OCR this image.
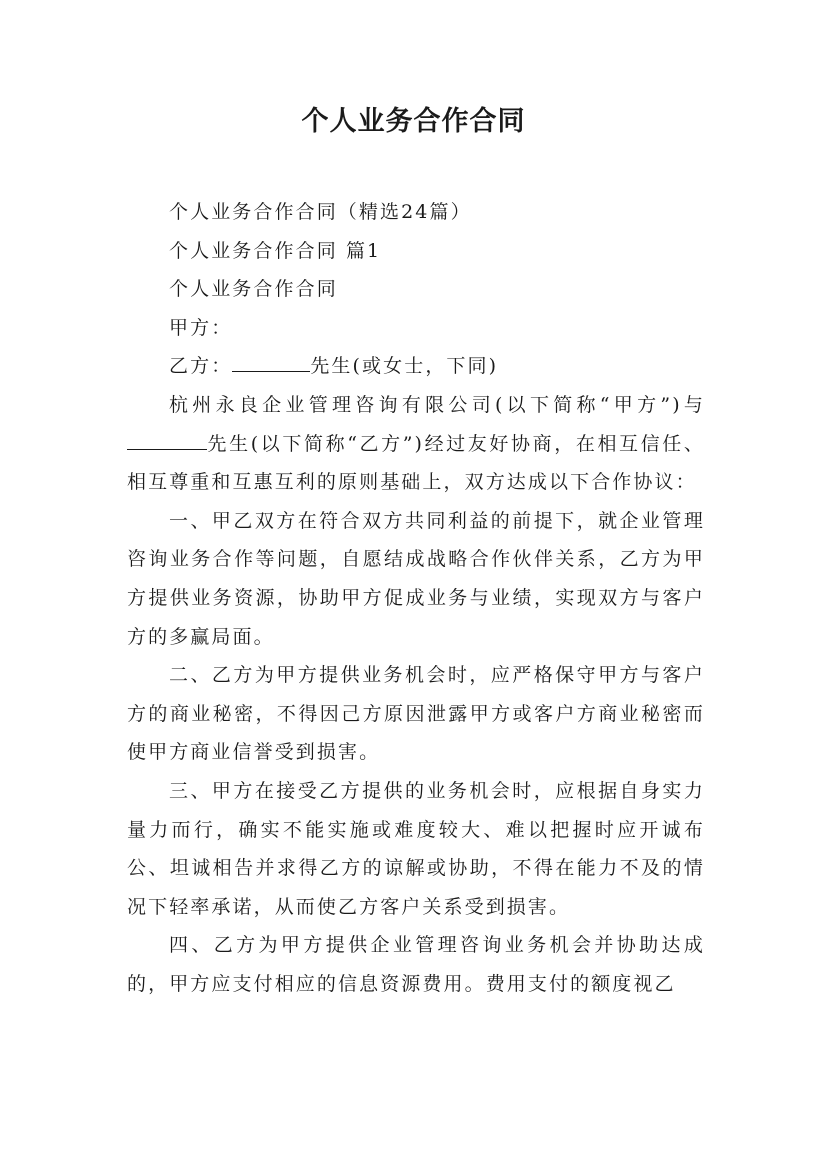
个人业务合作合同

个人业务合作合同（精选24篇）

个人业务合作合同 篇1

个人业务合作合同

甲方：

乙方：	先生(或女士，下同)

杭州永良企业管理咨询有限公司(以下简称“甲方”)与先生(以下简称“乙方”)经过友好协商，在相互信任、相互尊重和互惠互利的原则基础上，双方达成以下合作协议：

一、甲乙双方在符合双方共同利益的前提下，就企业管理咨询业务合作等问题，自愿结成战略合作伙伴关系，乙方为甲方提供业务资源，协助甲方促成业务与业绩，实现双方与客户方的多赢局面。

二、乙方为甲方提供业务机会时，应严格保守甲方与客户方的商业秘密，不得因己方原因泄露甲方或客户方商业秘密而使甲方商业信誉受到损害。

三、甲方在接受乙方提供的业务机会时，应根据自身实力量力而行，确实不能实施或难度较大、难以把握时应开诚布公、坦诚相告并求得乙方的谅解或协助，不得在能力不及的情况下轻率承诺，从而使乙方客户关系受到损害。

四、乙方为甲方提供企业管理咨询业务机会并协助达成的，甲方应支付相应的信息资源费用。费用支付的额度视乙
